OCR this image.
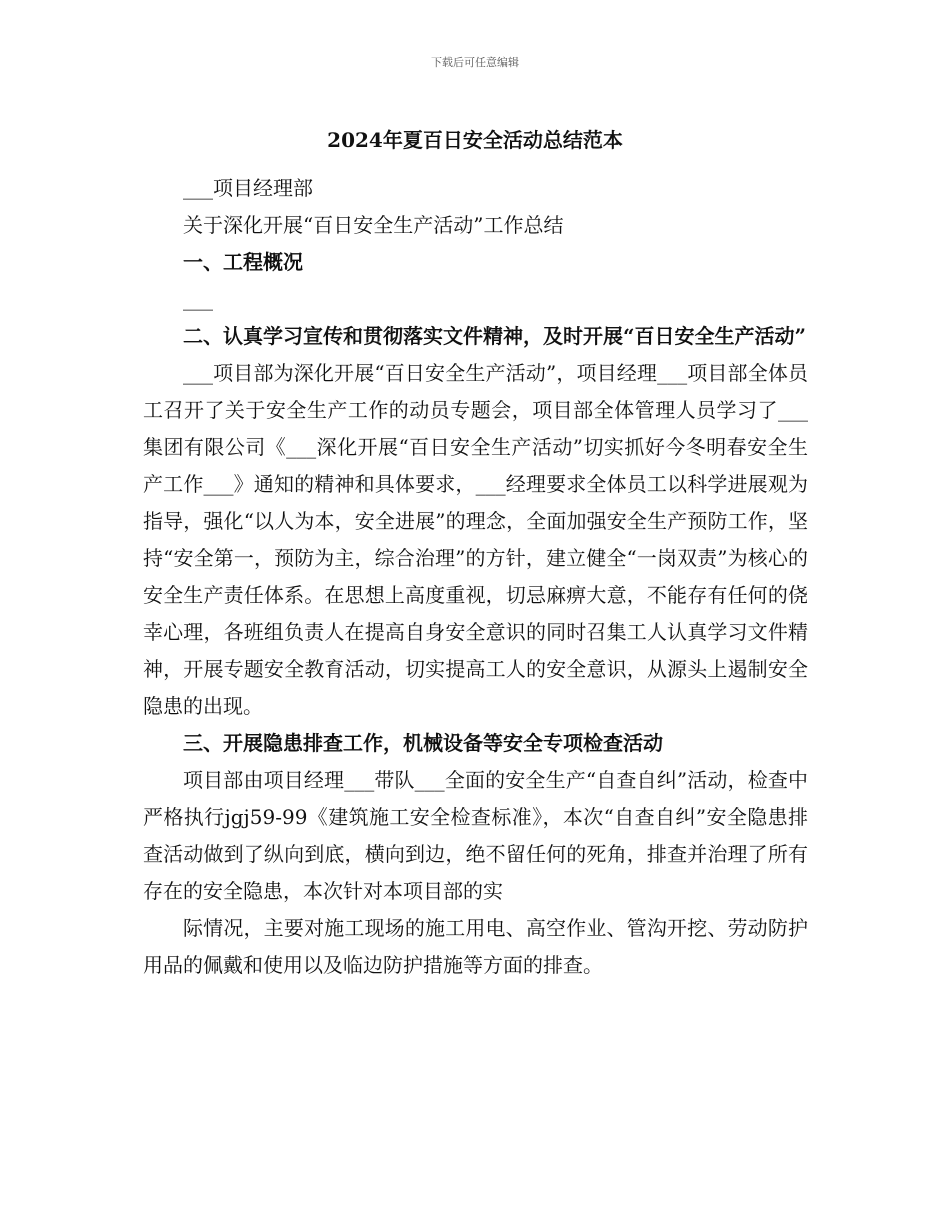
下载后可任意编辑
2024年夏百日安全活动总结范本

___项目经理部

关于深化开展“百日安全生产活动”工作总结

一、工程概况

___

二、认真学习宣传和贯彻落实文件精神，及时开展“百日安全生产活动”

___项目部为深化开展“百日安全生产活动”，项目经理___项目部全体员工召开了关于安全生产工作的动员专题会，项目部全体管理人员学习了___集团有限公司《___深化开展“百日安全生产活动”切实抓好今冬明春安全生产工作___》通知的精神和具体要求，___经理要求全体员工以科学进展观为指导，强化“以人为本，安全进展”的理念，全面加强安全生产预防工作，坚持“安全第一，预防为主，综合治理”的方针，建立健全“一岗双责”为核心的安全生产责任体系。在思想上高度重视，切忌麻痹大意，不能存有任何的侥幸心理，各班组负责人在提高自身安全意识的同时召集工人认真学习文件精神，开展专题安全教育活动，切实提高工人的安全意识，从源头上遏制安全隐患的出现。

三、开展隐患排查工作，机械设备等安全专项检查活动

项目部由项目经理___带队___全面的安全生产“自查自纠”活动，检查中严格执行jgj59-99《建筑施工安全检查标准》，本次“自查自纠”安全隐患排查活动做到了纵向到底，横向到边，绝不留任何的死角，排查并治理了所有存在的安全隐患，本次针对本项目部的实

际情况，主要对施工现场的施工用电、高空作业、管沟开挖、劳动防护用品的佩戴和使用以及临边防护措施等方面的排查。
